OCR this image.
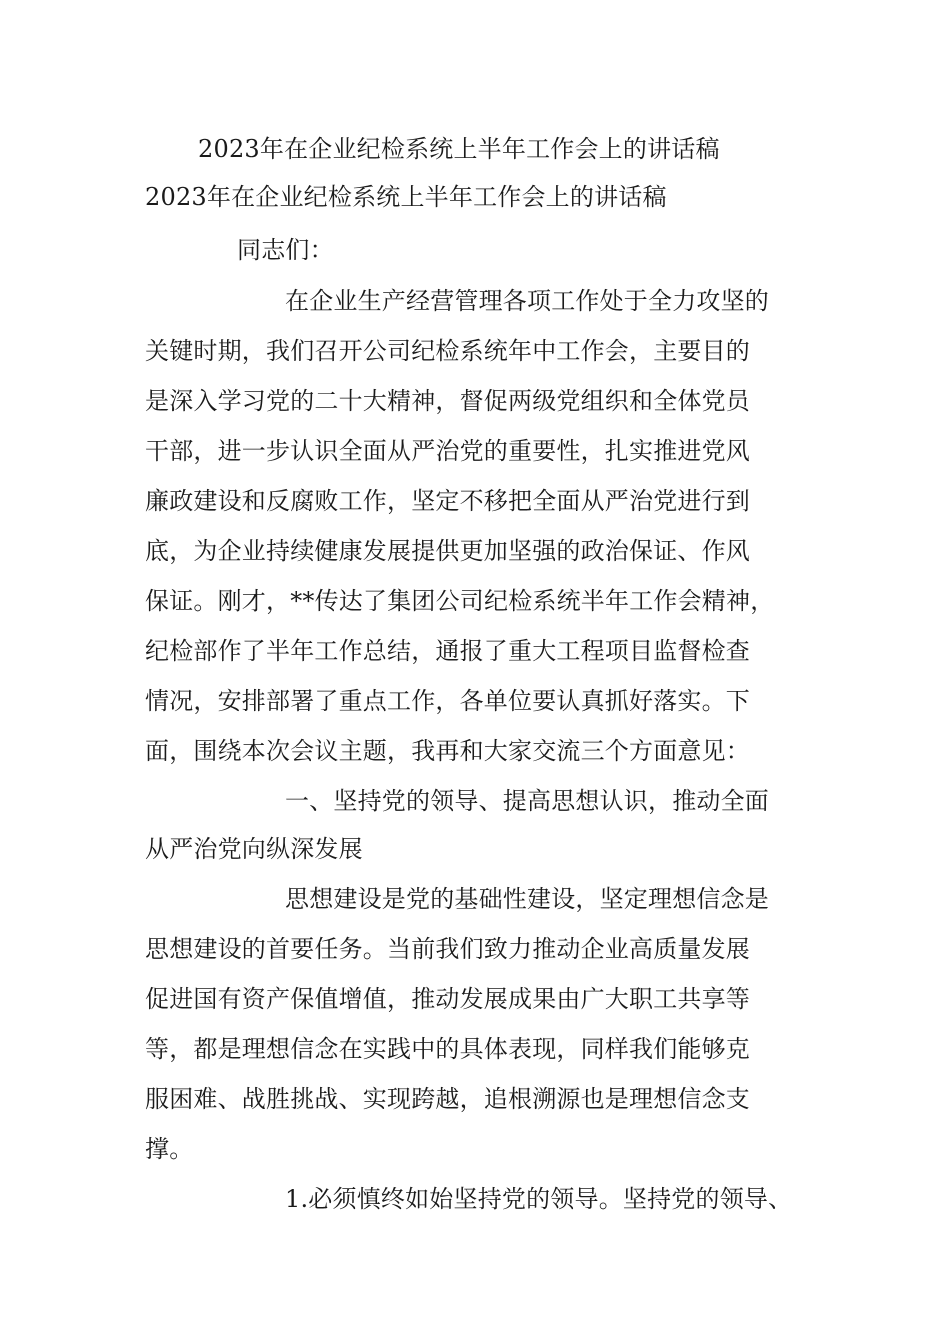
2023年在企业纪检系统上半年工作会上的讲话稿
2023年在企业纪检系统上半年工作会上的讲话稿
同志们：
在企业生产经营管理各项工作处于全力攻坚的
关键时期，我们召开公司纪检系统年中工作会，主要目的
是深入学习党的二十大精神，督促两级党组织和全体党员
干部，进一步认识全面从严治党的重要性，扎实推进党风
廉政建设和反腐败工作，坚定不移把全面从严治党进行到
底，为企业持续健康发展提供更加坚强的政治保证、作风
保证。刚才，**传达了集团公司纪检系统半年工作会精神，
纪检部作了半年工作总结，通报了重大工程项目监督检查
情况，安排部署了重点工作，各单位要认真抓好落实。下
面，围绕本次会议主题，我再和大家交流三个方面意见：
一、坚持党的领导、提高思想认识，推动全面
从严治党向纵深发展
思想建设是党的基础性建设，坚定理想信念是
思想建设的首要任务。当前我们致力推动企业高质量发展
促进国有资产保值增值，推动发展成果由广大职工共享等
等，都是理想信念在实践中的具体表现，同样我们能够克
服困难、战胜挑战、实现跨越，追根溯源也是理想信念支
撑。
1.必须慎终如始坚持党的领导。坚持党的领导、
